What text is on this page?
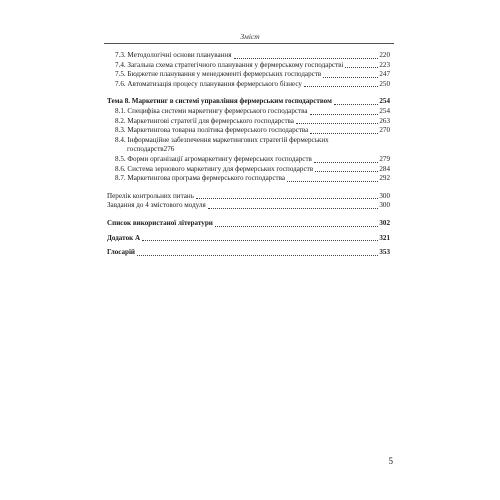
Зміст
7.3. Методологічні основи планування	220
7.4. Загальна схема стратегічного планування у фермерському господарстві	223
7.5. Бюджетне планування у менеджменті фермерських господарств	247
7.6. Автоматизація процесу планування фермерського бізнесу	250
Тема 8. Маркетинг в системі управління фермерським господарством	254
8.1. Специфіка системи маркетингу фермерського господарства	254
8.2. Маркетингові стратегії для фермерського господарства	263
8.3. Маркетингова товарна політика фермерського господарства	270
8.4. Інформаційне забезпечення маркетингових стратегій фермерських
господарств 276
8.5. Форми організації агромаркетингу фермерських господарств	279
8.6. Система зернового маркетингу для фермерських господарств	284
8.7. Маркетингова програма фермерського господарства	292
Перелік контрольних питань	300
Завдання до 4 змістового модуля	300
Список використаної літератури	302
Додаток А	321
Глосарій	353
5
